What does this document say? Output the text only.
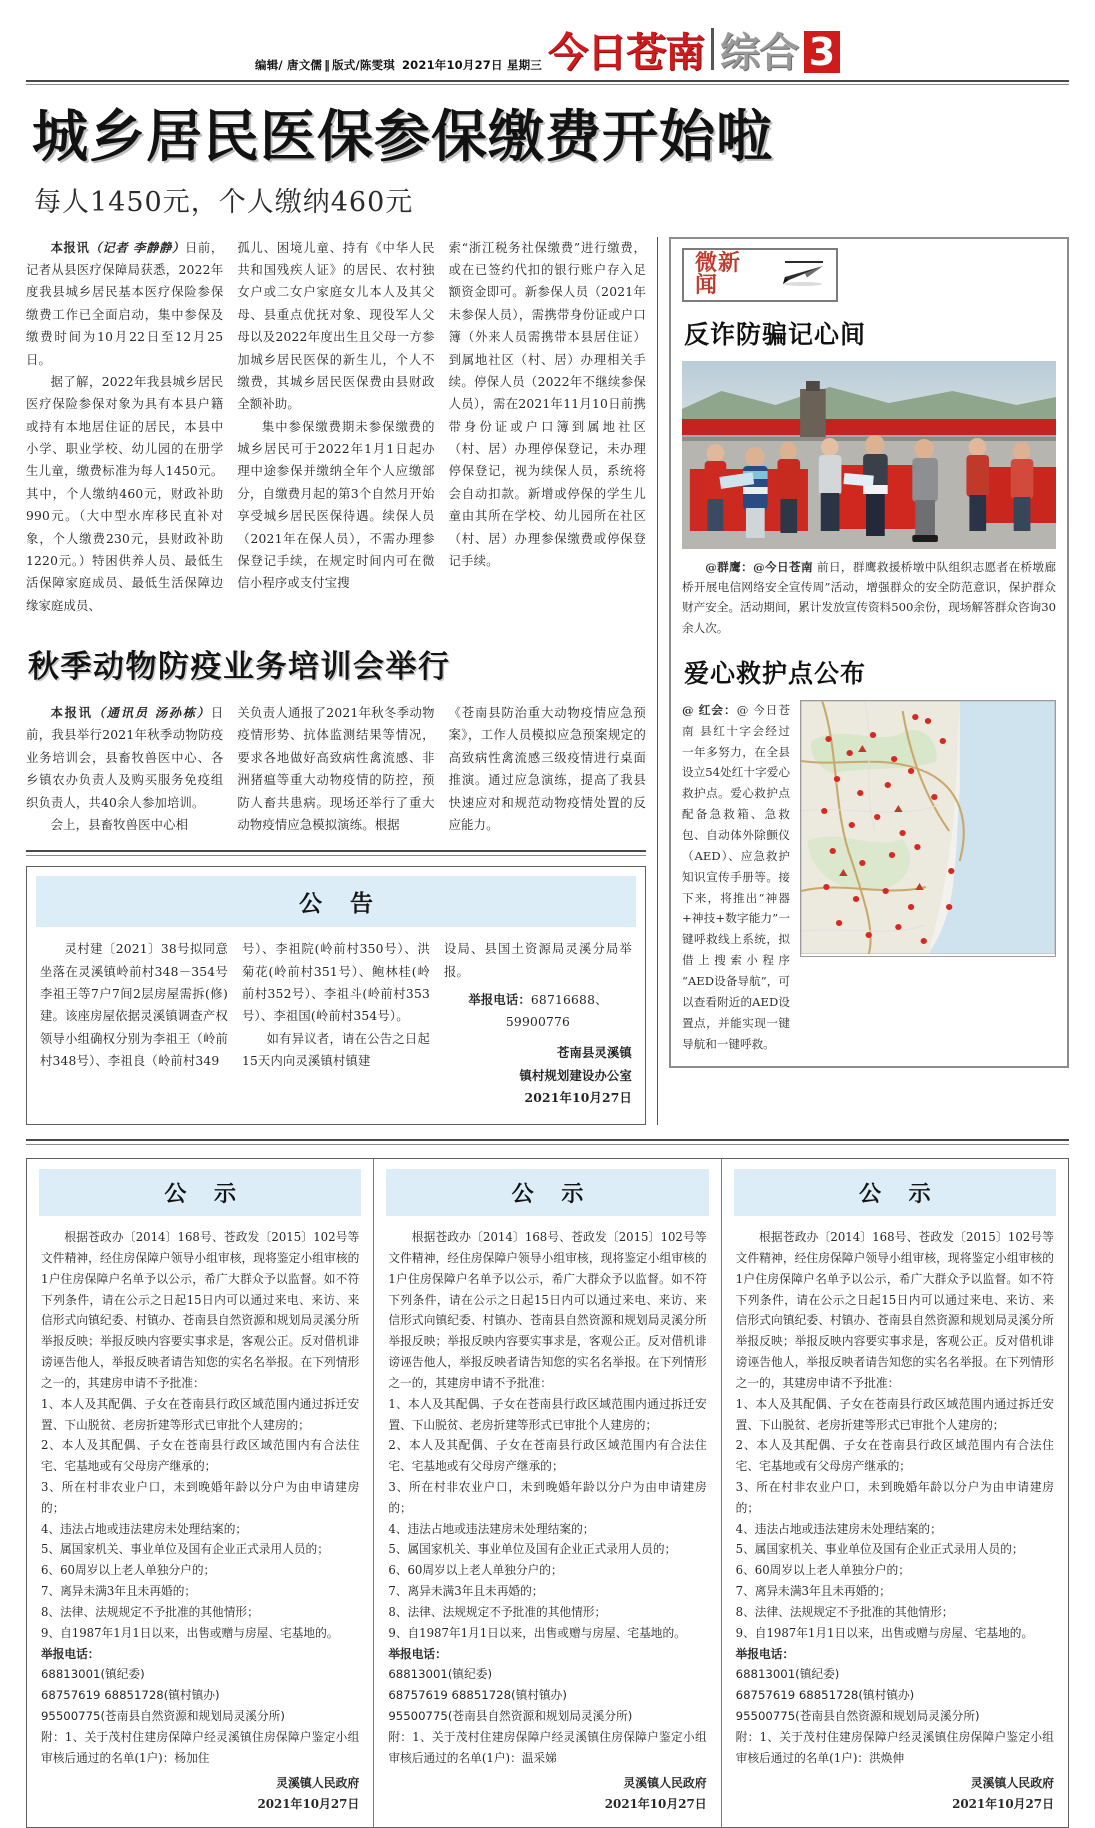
编辑/ 唐文儒 ‖ 版式/陈雯琪 2021年10月27日 星期三 今日苍南 综合 3
城乡居民医保参保缴费开始啦
每人1450元，个人缴纳460元

本报讯（记者 李静静）日前，记者从县医疗保障局获悉，2022年度我县城乡居民基本医疗保险参保缴费工作已全面启动，集中参保及缴费时间为10月22日至12月25日。

据了解，2022年我县城乡居民医疗保险参保对象为具有本县户籍或持有本地居住证的居民，本县中小学、职业学校、幼儿园的在册学生儿童，缴费标准为每人1450元。其中，个人缴纳460元，财政补助990元。（大中型水库移民直补对象，个人缴费230元，县财政补助1220元。）特困供养人员、最低生活保障家庭成员、最低生活保障边缘家庭成员、

孤儿、困境儿童、持有《中华人民共和国残疾人证》的居民、农村独女户或二女户家庭女儿本人及其父母、县重点优抚对象、现役军人父母以及2022年度出生且父母一方参加城乡居民医保的新生儿，个人不缴费，其城乡居民医保费由县财政全额补助。

集中参保缴费期未参保缴费的城乡居民可于2022年1月1日起办理中途参保并缴纳全年个人应缴部分，自缴费月起的第3个自然月开始享受城乡居民医保待遇。续保人员（2021年在保人员），不需办理参保登记手续，在规定时间内可在微信小程序或支付宝搜

索“浙江税务社保缴费”进行缴费，或在已签约代扣的银行账户存入足额资金即可。新参保人员（2021年未参保人员），需携带身份证或户口簿（外来人员需携带本县居住证）到属地社区（村、居）办理相关手续。停保人员（2022年不继续参保人员），需在2021年11月10日前携带身份证或户口簿到属地社区（村、居）办理停保登记，未办理停保登记，视为续保人员，系统将会自动扣款。新增或停保的学生儿童由其所在学校、幼儿园所在社区（村、居）办理参保缴费或停保登记手续。

秋季动物防疫业务培训会举行

本报讯（通讯员 汤孙栋）日前，我县举行2021年秋季动物防疫业务培训会，县畜牧兽医中心、各乡镇农办负责人及购买服务免疫组织负责人，共40余人参加培训。

会上，县畜牧兽医中心相

关负责人通报了2021年秋冬季动物疫情形势、抗体监测结果等情况，要求各地做好高致病性禽流感、非洲猪瘟等重大动物疫情的防控，预防人畜共患病。现场还举行了重大动物疫情应急模拟演练。根据

《苍南县防治重大动物疫情应急预案》，工作人员模拟应急预案规定的高致病性禽流感三级疫情进行桌面推演。通过应急演练，提高了我县快速应对和规范动物疫情处置的反应能力。

公 告

灵村建〔2021〕38号拟同意坐落在灵溪镇岭前村348－354号李祖王等7户7间2层房屋需拆(修)建。该座房屋依据灵溪镇调查产权领导小组确权分别为李祖王（岭前村348号）、李祖良（岭前村349

号）、李祖院(岭前村350号）、洪菊花(岭前村351号）、鲍林桂(岭前村352号）、李祖斗(岭前村353号）、李祖国(岭前村354号）。

如有异议者，请在公告之日起15天内向灵溪镇村镇建

设局、县国土资源局灵溪分局举报。

举报电话：68716688、
59900776

苍南县灵溪镇
镇村规划建设办公室
2021年10月27日
微新闻
反诈防骗记心间

@群鹰：@今日苍南 前日，群鹰救援桥墩中队组织志愿者在桥墩廊桥开展电信网络安全宣传周”活动，增强群众的安全防范意识，保护群众财产安全。活动期间，累计发放宣传资料500余份，现场解答群众咨询30余人次。

爱心救护点公布
@ 红会：@ 今日苍南 县红十字会经过一年多努力，在全县设立54处红十字爱心救护点。爱心救护点配备急救箱、急救包、自动体外除颤仪（AED）、应急救护知识宣传手册等。接下来，将推出“神器+神技+数字能力”一键呼救线上系统，拟借上搜索小程序“AED设备导航”，可以查看附近的AED设置点，并能实现一键导航和一键呼救。
公 示

根据苍政办〔2014〕168号、苍政发〔2015〕102号等文件精神，经住房保障户领导小组审核，现将鉴定小组审核的1户住房保障户名单予以公示，希广大群众予以监督。如不符下列条件，请在公示之日起15日内可以通过来电、来访、来信形式向镇纪委、村镇办、苍南县自然资源和规划局灵溪分所举报反映；举报反映内容要实事求是，客观公正。反对借机诽谤诬告他人，举报反映者请告知您的实名名举报。在下列情形之一的，其建房申请不予批准：

1、本人及其配偶、子女在苍南县行政区域范围内通过拆迁安置、下山脱贫、老房折建等形式已审批个人建房的；

2、本人及其配偶、子女在苍南县行政区域范围内有合法住宅、宅基地或有父母房产继承的；

3、所在村非农业户口，未到晚婚年龄以分户为由申请建房的；

4、违法占地或违法建房未处理结案的；

5、属国家机关、事业单位及国有企业正式录用人员的；

6、60周岁以上老人单独分户的；

7、离异未满3年且未再婚的；

8、法律、法规规定不予批准的其他情形；

9、自1987年1月1日以来，出售或赠与房屋、宅基地的。

举报电话：

68813001(镇纪委)

68757619 68851728(镇村镇办)

95500775(苍南县自然资源和规划局灵溪分所)

附：1、关于茂村住建房保障户经灵溪镇住房保障户鉴定小组审核后通过的名单(1户)：杨加住

灵溪镇人民政府
2021年10月27日
公 示

根据苍政办〔2014〕168号、苍政发〔2015〕102号等文件精神，经住房保障户领导小组审核，现将鉴定小组审核的1户住房保障户名单予以公示，希广大群众予以监督。如不符下列条件，请在公示之日起15日内可以通过来电、来访、来信形式向镇纪委、村镇办、苍南县自然资源和规划局灵溪分所举报反映；举报反映内容要实事求是，客观公正。反对借机诽谤诬告他人，举报反映者请告知您的实名名举报。在下列情形之一的，其建房申请不予批准：

1、本人及其配偶、子女在苍南县行政区域范围内通过拆迁安置、下山脱贫、老房折建等形式已审批个人建房的；

2、本人及其配偶、子女在苍南县行政区域范围内有合法住宅、宅基地或有父母房产继承的；

3、所在村非农业户口，未到晚婚年龄以分户为由申请建房的；

4、违法占地或违法建房未处理结案的；

5、属国家机关、事业单位及国有企业正式录用人员的；

6、60周岁以上老人单独分户的；

7、离异未满3年且未再婚的；

8、法律、法规规定不予批准的其他情形；

9、自1987年1月1日以来，出售或赠与房屋、宅基地的。

举报电话：

68813001(镇纪委)

68757619 68851728(镇村镇办)

95500775(苍南县自然资源和规划局灵溪分所)

附：1、关于茂村住建房保障户经灵溪镇住房保障户鉴定小组审核后通过的名单(1户)：温采娣

灵溪镇人民政府
2021年10月27日
公 示

根据苍政办〔2014〕168号、苍政发〔2015〕102号等文件精神，经住房保障户领导小组审核，现将鉴定小组审核的1户住房保障户名单予以公示，希广大群众予以监督。如不符下列条件，请在公示之日起15日内可以通过来电、来访、来信形式向镇纪委、村镇办、苍南县自然资源和规划局灵溪分所举报反映；举报反映内容要实事求是，客观公正。反对借机诽谤诬告他人，举报反映者请告知您的实名名举报。在下列情形之一的，其建房申请不予批准：

1、本人及其配偶、子女在苍南县行政区域范围内通过拆迁安置、下山脱贫、老房折建等形式已审批个人建房的；

2、本人及其配偶、子女在苍南县行政区域范围内有合法住宅、宅基地或有父母房产继承的；

3、所在村非农业户口，未到晚婚年龄以分户为由申请建房的；

4、违法占地或违法建房未处理结案的；

5、属国家机关、事业单位及国有企业正式录用人员的；

6、60周岁以上老人单独分户的；

7、离异未满3年且未再婚的；

8、法律、法规规定不予批准的其他情形；

9、自1987年1月1日以来，出售或赠与房屋、宅基地的。

举报电话：

68813001(镇纪委)

68757619 68851728(镇村镇办)

95500775(苍南县自然资源和规划局灵溪分所)

附：1、关于茂村住建房保障户经灵溪镇住房保障户鉴定小组审核后通过的名单(1户)：洪焕伸

灵溪镇人民政府
2021年10月27日
